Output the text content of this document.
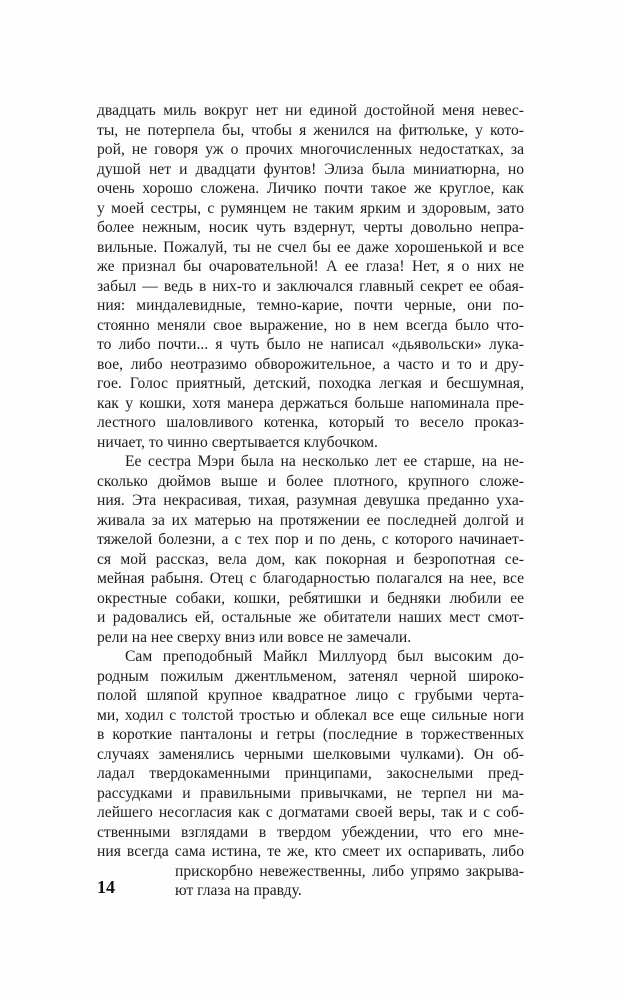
двадцать миль вокруг нет ни единой достойной меня невес-
ты, не потерпела бы, чтобы я женился на фитюльке, у кото-
рой, не говоря уж о прочих многочисленных недостатках, за
душой нет и двадцати фунтов! Элиза была миниатюрна, но
очень хорошо сложена. Личико почти такое же круглое, как
у моей сестры, с румянцем не таким ярким и здоровым, зато
более нежным, носик чуть вздернут, черты довольно непра-
вильные. Пожалуй, ты не счел бы ее даже хорошенькой и все
же признал бы очаровательной! А ее глаза! Нет, я о них не
забыл — ведь в них-то и заключался главный секрет ее обая-
ния: миндалевидные, темно-карие, почти черные, они по-
стоянно меняли свое выражение, но в нем всегда было что-
то либо почти... я чуть было не написал «дьявольски» лука-
вое, либо неотразимо обворожительное, а часто и то и дру-
гое. Голос приятный, детский, походка легкая и бесшумная,
как у кошки, хотя манера держаться больше напоминала пре-
лестного шаловливого котенка, который то весело проказ-
ничает, то чинно свертывается клубочком.
Ее сестра Мэри была на несколько лет ее старше, на не-
сколько дюймов выше и более плотного, крупного сложе-
ния. Эта некрасивая, тихая, разумная девушка преданно уха-
живала за их матерью на протяжении ее последней долгой и
тяжелой болезни, а с тех пор и по день, с которого начинает-
ся мой рассказ, вела дом, как покорная и безропотная се-
мейная рабыня. Отец с благодарностью полагался на нее, все
окрестные собаки, кошки, ребятишки и бедняки любили ее
и радовались ей, остальные же обитатели наших мест смот-
рели на нее сверху вниз или вовсе не замечали.
Сам преподобный Майкл Миллуорд был высоким до-
родным пожилым джентльменом, затенял черной широко-
полой шляпой крупное квадратное лицо с грубыми черта-
ми, ходил с толстой тростью и облекал все еще сильные ноги
в короткие панталоны и гетры (последние в торжественных
случаях заменялись черными шелковыми чулками). Он об-
ладал твердокаменными принципами, закоснелыми пред-
рассудками и правильными привычками, не терпел ни ма-
лейшего несогласия как с догматами своей веры, так и с соб-
ственными взглядами в твердом убеждении, что его мне-
ния всегда сама истина, те же, кто смеет их оспаривать, либо
прискорбно невежественны, либо упрямо закрыва-
ют глаза на правду.
14
